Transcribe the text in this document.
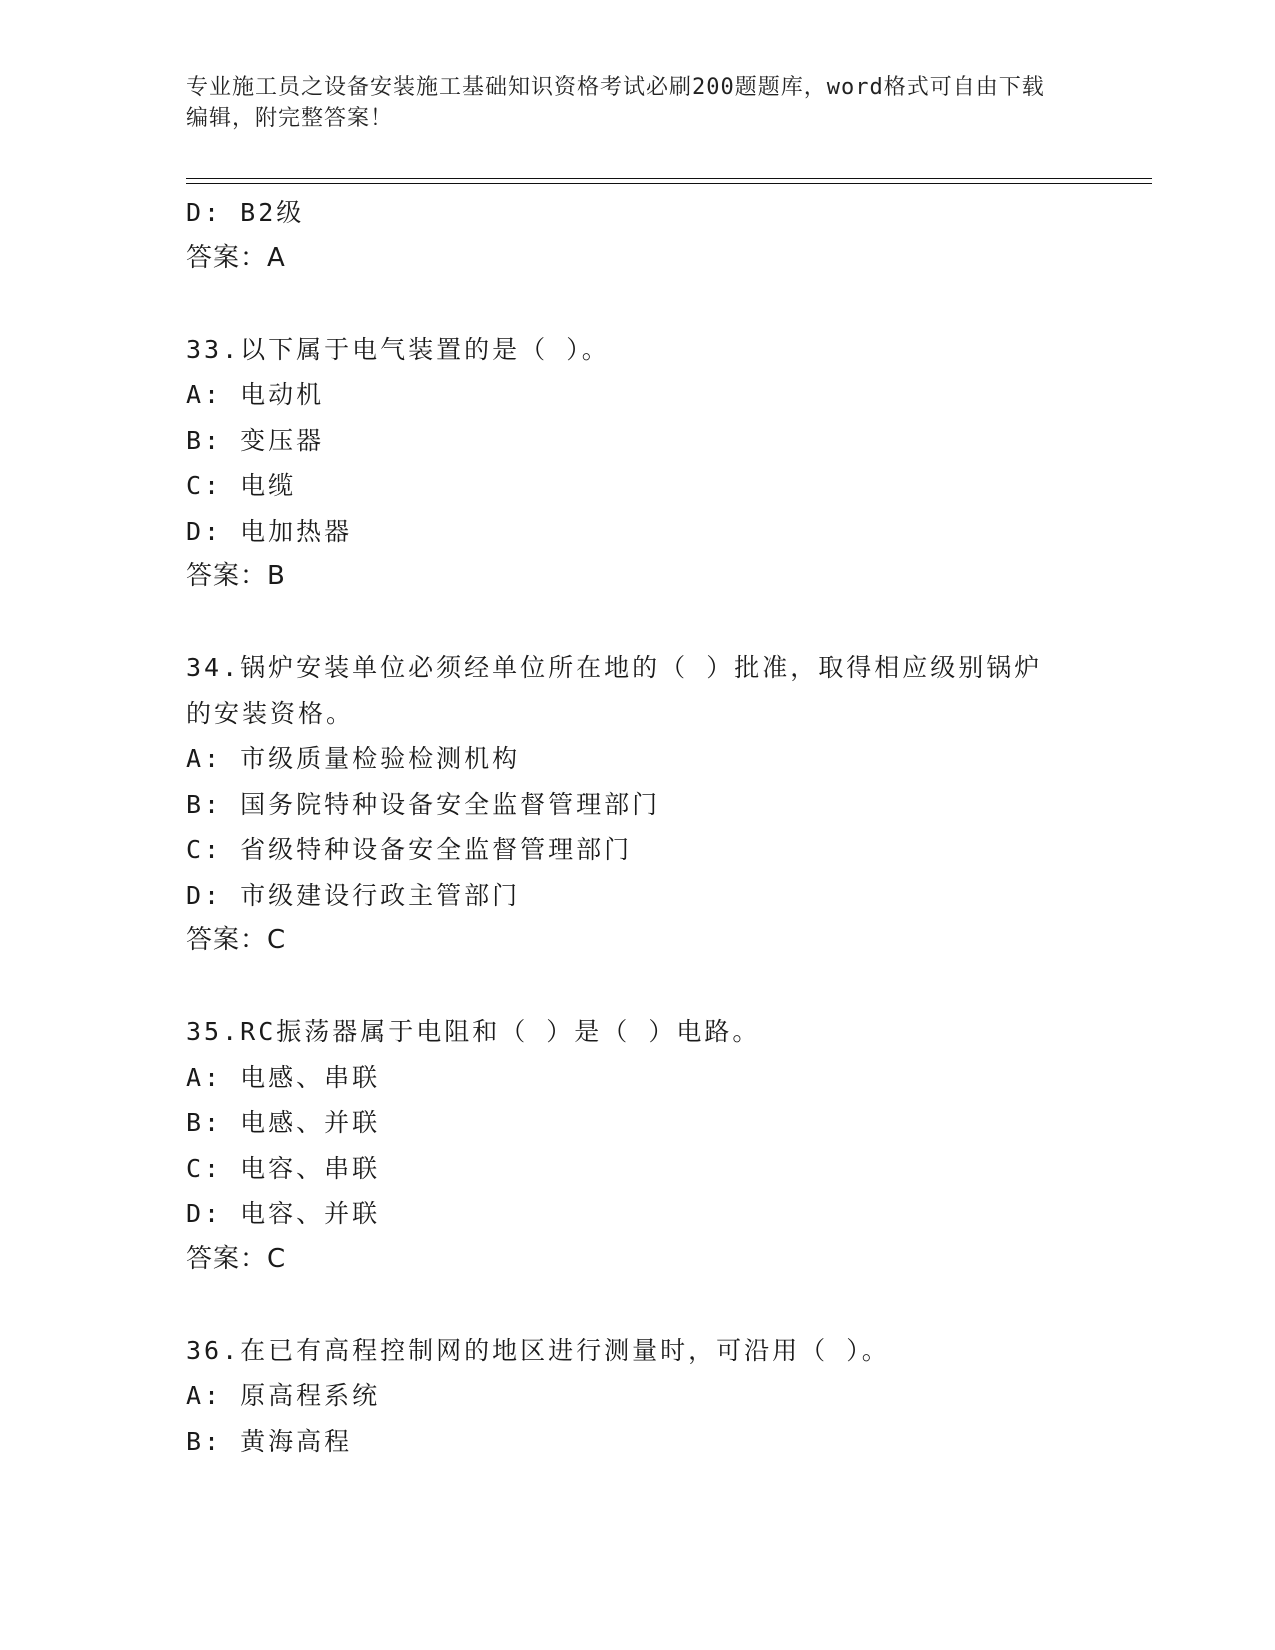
专业施工员之设备安装施工基础知识资格考试必刷200题题库，word格式可自由下载编辑，附完整答案！
D: B2级
答案：A
33.以下属于电气装置的是（ ）。
A: 电动机
B: 变压器
C: 电缆
D: 电加热器
答案：B
34.锅炉安装单位必须经单位所在地的（ ）批准，取得相应级别锅炉的安装资格。
A: 市级质量检验检测机构
B: 国务院特种设备安全监督管理部门
C: 省级特种设备安全监督管理部门
D: 市级建设行政主管部门
答案：C
35.RC振荡器属于电阻和（ ）是（ ）电路。
A: 电感、串联
B: 电感、并联
C: 电容、串联
D: 电容、并联
答案：C
36.在已有高程控制网的地区进行测量时，可沿用（ ）。
A: 原高程系统
B: 黄海高程
